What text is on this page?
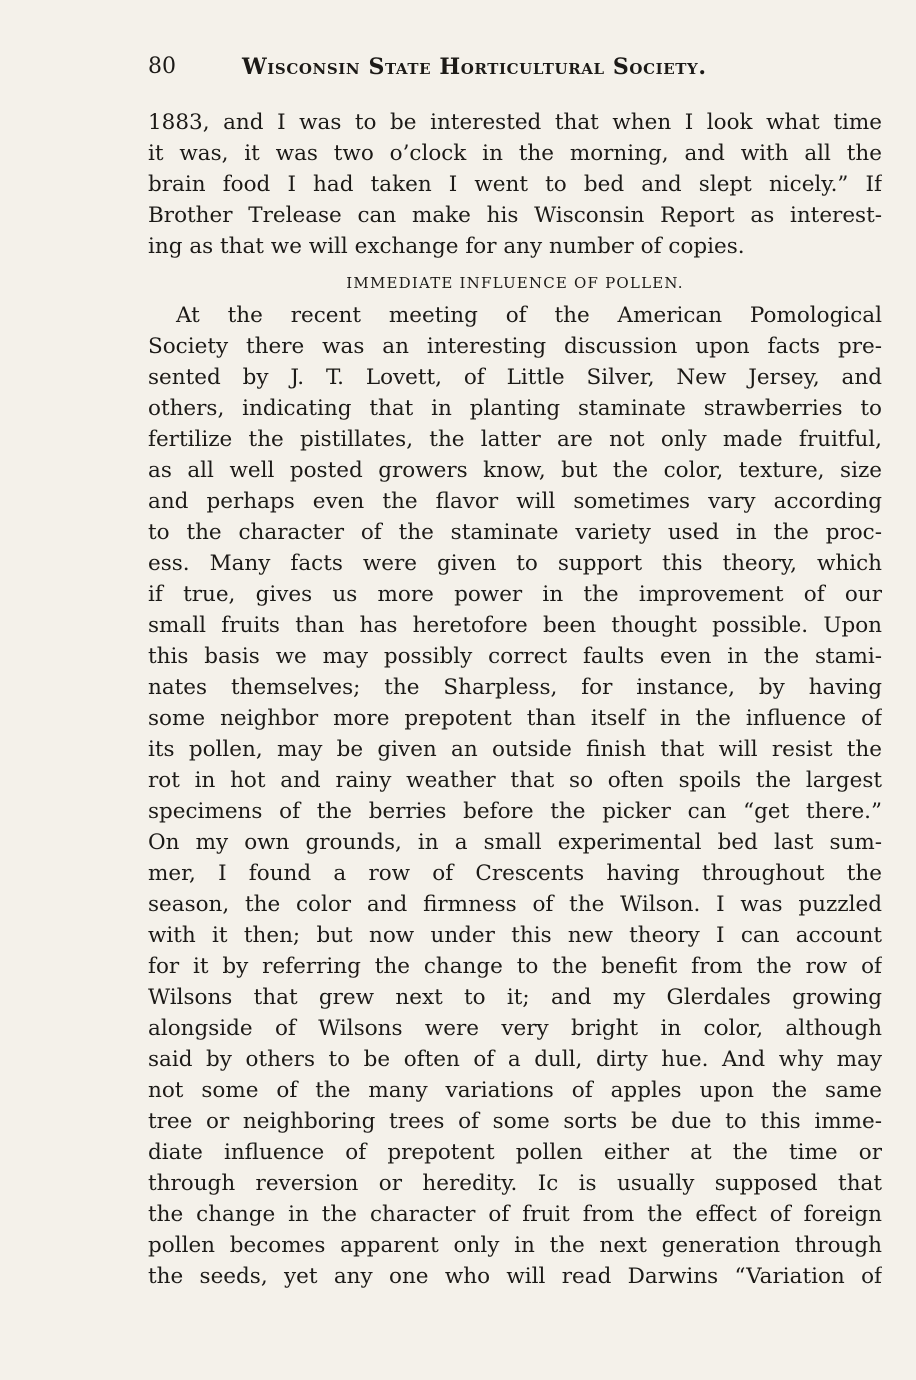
80	Wisconsin State Horticultural Society.
1883, and I was to be interested that when I look what time
it was, it was two o’clock in the morning, and with all the
brain food I had taken I went to bed and slept nicely.” If
Brother Trelease can make his Wisconsin Report as interest-
ing as that we will exchange for any number of copies.
IMMEDIATE INFLUENCE OF POLLEN.
At the recent meeting of the American Pomological
Society there was an interesting discussion upon facts pre-
sented by J. T. Lovett, of Little Silver, New Jersey, and
others, indicating that in planting staminate strawberries to
fertilize the pistillates, the latter are not only made fruitful,
as all well posted growers know, but the color, texture, size
and perhaps even the flavor will sometimes vary according
to the character of the staminate variety used in the proc-
ess. Many facts were given to support this theory, which
if true, gives us more power in the improvement of our
small fruits than has heretofore been thought possible. Upon
this basis we may possibly correct faults even in the stami-
nates themselves; the Sharpless, for instance, by having
some neighbor more prepotent than itself in the influence of
its pollen, may be given an outside finish that will resist the
rot in hot and rainy weather that so often spoils the largest
specimens of the berries before the picker can “get there.”
On my own grounds, in a small experimental bed last sum-
mer, I found a row of Crescents having throughout the
season, the color and firmness of the Wilson. I was puzzled
with it then; but now under this new theory I can account
for it by referring the change to the benefit from the row of
Wilsons that grew next to it; and my Glerdales growing
alongside of Wilsons were very bright in color, although
said by others to be often of a dull, dirty hue. And why may
not some of the many variations of apples upon the same
tree or neighboring trees of some sorts be due to this imme-
diate influence of prepotent pollen either at the time or
through reversion or heredity. Ic is usually supposed that
the change in the character of fruit from the effect of foreign
pollen becomes apparent only in the next generation through
the seeds, yet any one who will read Darwins “Variation of
